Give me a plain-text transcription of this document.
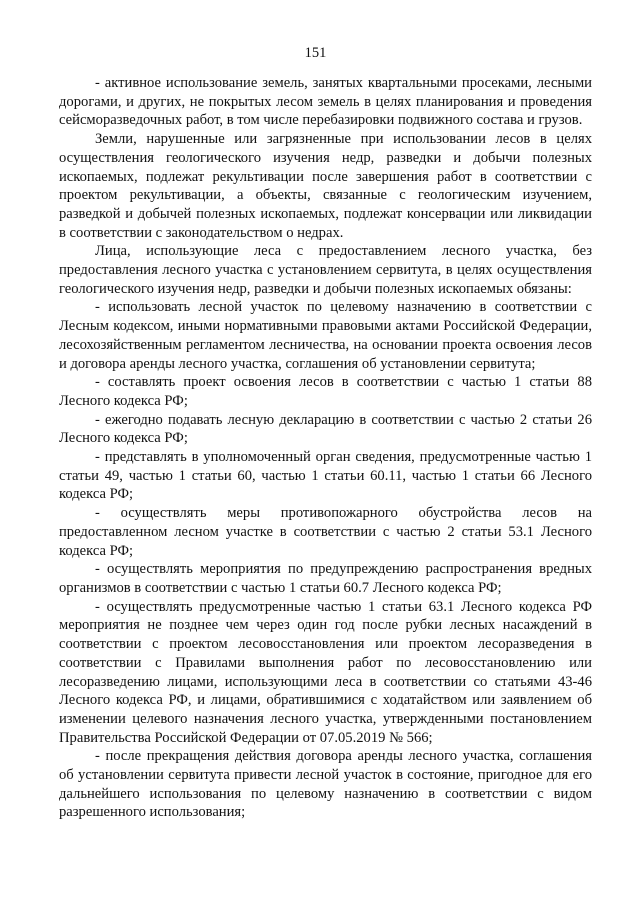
151

- активное использование земель, занятых квартальными просеками, лесными дорогами, и других, не покрытых лесом земель в целях планирования и проведения сейсморазведочных работ, в том числе перебазировки подвижного состава и грузов.

Земли, нарушенные или загрязненные при использовании лесов в целях осуществления геологического изучения недр, разведки и добычи полезных ископаемых, подлежат рекультивации после завершения работ в соответствии с проектом рекультивации, а объекты, связанные с геологическим изучением, разведкой и добычей полезных ископаемых, подлежат консервации или ликвидации в соответствии с законодательством о недрах.

Лица, использующие леса с предоставлением лесного участка, без предоставления лесного участка с установлением сервитута, в целях осуществления геологического изучения недр, разведки и добычи полезных ископаемых обязаны:

- использовать лесной участок по целевому назначению в соответствии с Лесным кодексом, иными нормативными правовыми актами Российской Федерации, лесохозяйственным регламентом лесничества, на основании проекта освоения лесов и договора аренды лесного участка, соглашения об установлении сервитута;

- составлять проект освоения лесов в соответствии с частью 1 статьи 88 Лесного кодекса РФ;

- ежегодно подавать лесную декларацию в соответствии с частью 2 статьи 26 Лесного кодекса РФ;

- представлять в уполномоченный орган сведения, предусмотренные частью 1 статьи 49, частью 1 статьи 60, частью 1 статьи 60.11, частью 1 статьи 66 Лесного кодекса РФ;

- осуществлять меры противопожарного обустройства лесов на предоставленном лесном участке в соответствии с частью 2 статьи 53.1 Лесного кодекса РФ;

- осуществлять мероприятия по предупреждению распространения вредных организмов в соответствии с частью 1 статьи 60.7 Лесного кодекса РФ;

- осуществлять предусмотренные частью 1 статьи 63.1 Лесного кодекса РФ мероприятия не позднее чем через один год после рубки лесных насаждений в соответствии с проектом лесовосстановления или проектом лесоразведения в соответствии с Правилами выполнения работ по лесовосстановлению или лесоразведению лицами, использующими леса в соответствии со статьями 43-46 Лесного кодекса РФ, и лицами, обратившимися с ходатайством или заявлением об изменении целевого назначения лесного участка, утвержденными постановлением Правительства Российской Федерации от 07.05.2019 № 566;

- после прекращения действия договора аренды лесного участка, соглашения об установлении сервитута привести лесной участок в состояние, пригодное для его дальнейшего использования по целевому назначению в соответствии с видом разрешенного использования;
